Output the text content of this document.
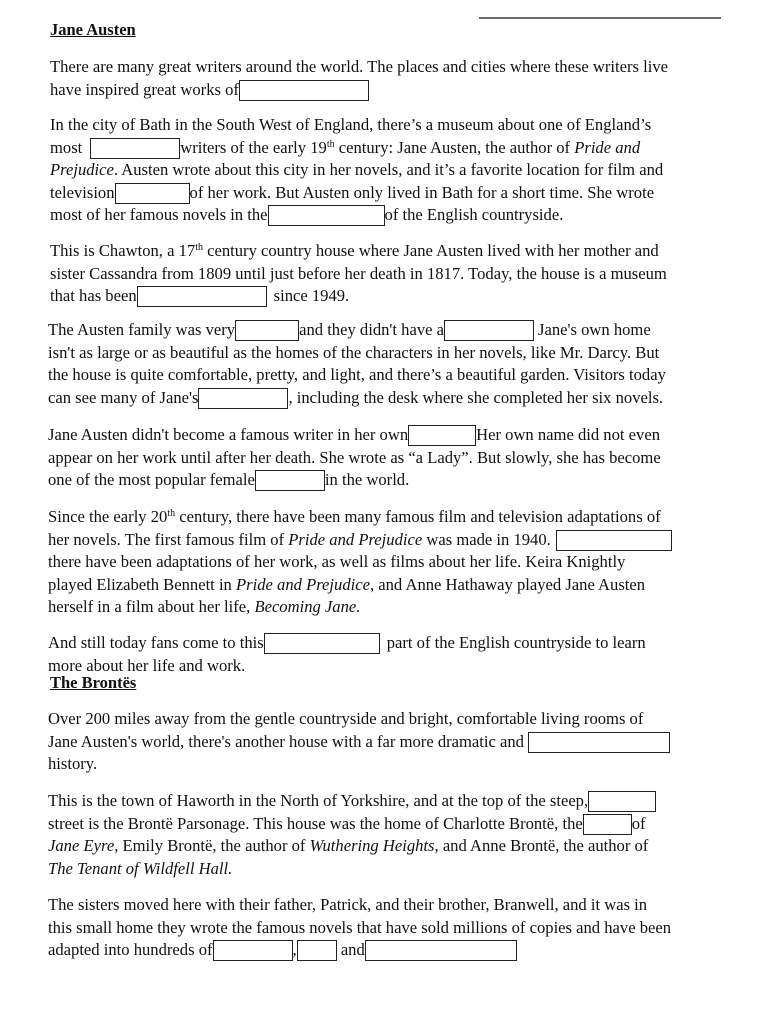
Jane Austen
There are many great writers around the world. The places and cities where these writers live
have inspired great works of
In the city of Bath in the South West of England, there’s a museum about one of England’s
most	writers of the early 19th century: Jane Austen, the author of Pride and
Prejudice. Austen wrote about this city in her novels, and it’s a favorite location for film and
television	of her work. But Austen only lived in Bath for a short time. She wrote
most of her famous novels in the	of the English countryside.
This is Chawton, a 17th century country house where Jane Austen lived with her mother and
sister Cassandra from 1809 until just before her death in 1817. Today, the house is a museum
that has been	since 1949.
The Austen family was very	and they didn't have a	Jane's own home
isn't as large or as beautiful as the homes of the characters in her novels, like Mr. Darcy. But
the house is quite comfortable, pretty, and light, and there’s a beautiful garden. Visitors today
can see many of Jane's	, including the desk where she completed her six novels.
Jane Austen didn't become a famous writer in her own	Her own name did not even
appear on her work until after her death. She wrote as “a Lady”. But slowly, she has become
one of the most popular female	in the world.
Since the early 20th century, there have been many famous film and television adaptations of
her novels. The first famous film of Pride and Prejudice was made in 1940.
there have been adaptations of her work, as well as films about her life. Keira Knightly
played Elizabeth Bennett in Pride and Prejudice, and Anne Hathaway played Jane Austen
herself in a film about her life, Becoming Jane.
And still today fans come to this	part of the English countryside to learn
more about her life and work.
The Brontës
Over 200 miles away from the gentle countryside and bright, comfortable living rooms of
Jane Austen's world, there's another house with a far more dramatic and
history.
This is the town of Haworth in the North of Yorkshire, and at the top of the steep,
street is the Brontë Parsonage. This house was the home of Charlotte Brontë, the	of
Jane Eyre, Emily Brontë, the author of Wuthering Heights, and Anne Brontë, the author of
The Tenant of Wildfell Hall.
The sisters moved here with their father, Patrick, and their brother, Branwell, and it was in
this small home they wrote the famous novels that have sold millions of copies and have been
adapted into hundreds of	, and
